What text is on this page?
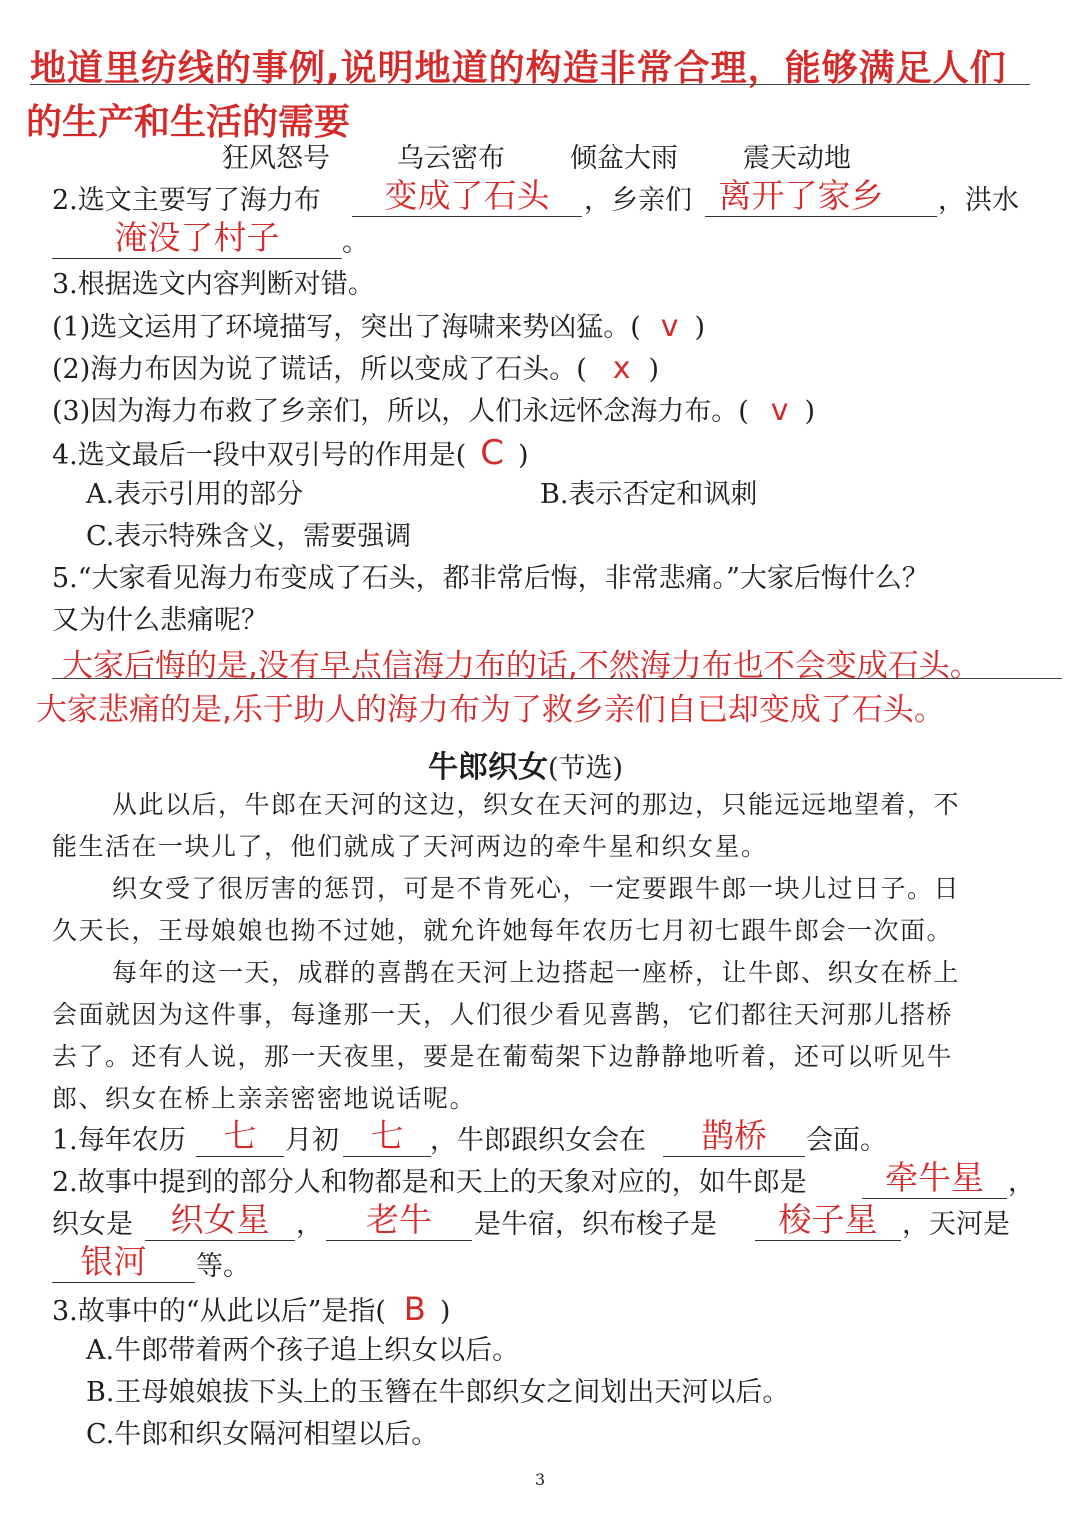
地道里纺线的事例,说明地道的构造非常合理，能够满足人们
的生产和生活的需要
狂风怒号 乌云密布 倾盆大雨 震天动地
2.选文主要写了海力布	变成了石头	，乡亲们 离开了家乡	，洪水
淹没了村子	。
3.根据选文内容判断对错。
(1)选文运用了环境描写，突出了海啸来势凶猛。( v )
(2)海力布因为说了谎话，所以变成了石头。( x )
(3)因为海力布救了乡亲们，所以，人们永远怀念海力布。( v )
4.选文最后一段中双引号的作用是( C )
A.表示引用的部分	B.表示否定和讽刺
C.表示特殊含义，需要强调
5.“大家看见海力布变成了石头，都非常后悔，非常悲痛。”大家后悔什么？
又为什么悲痛呢？
大家后悔的是,没有早点信海力布的话,不然海力布也不会变成石头。
大家悲痛的是,乐于助人的海力布为了救乡亲们自已却变成了石头。
牛郎织女(节选)
从此以后，牛郎在天河的这边，织女在天河的那边，只能远远地望着，不
能生活在一块儿了，他们就成了天河两边的牵牛星和织女星。
织女受了很厉害的惩罚，可是不肯死心，一定要跟牛郎一块儿过日子。日
久天长，王母娘娘也拗不过她，就允许她每年农历七月初七跟牛郎会一次面。
每年的这一天，成群的喜鹊在天河上边搭起一座桥，让牛郎、织女在桥上
会面就因为这件事，每逢那一天，人们很少看见喜鹊，它们都往天河那儿搭桥
去了。还有人说，那一天夜里，要是在葡萄架下边静静地听着，还可以听见牛
郎、织女在桥上亲亲密密地说话呢。
1.每年农历	七	月初 七 ，牛郎跟织女会在	鹊桥	会面。
2.故事中提到的部分人和物都是和天上的天象对应的，如牛郎是	牵牛星 ，
织女是	织女星 ，	老牛	是牛宿，织布梭子是	梭子星 ，天河是
银河	等。
3.故事中的“从此以后”是指( B )
A.牛郎带着两个孩子追上织女以后。
B.王母娘娘拔下头上的玉簪在牛郎织女之间划出天河以后。
C.牛郎和织女隔河相望以后。
3
